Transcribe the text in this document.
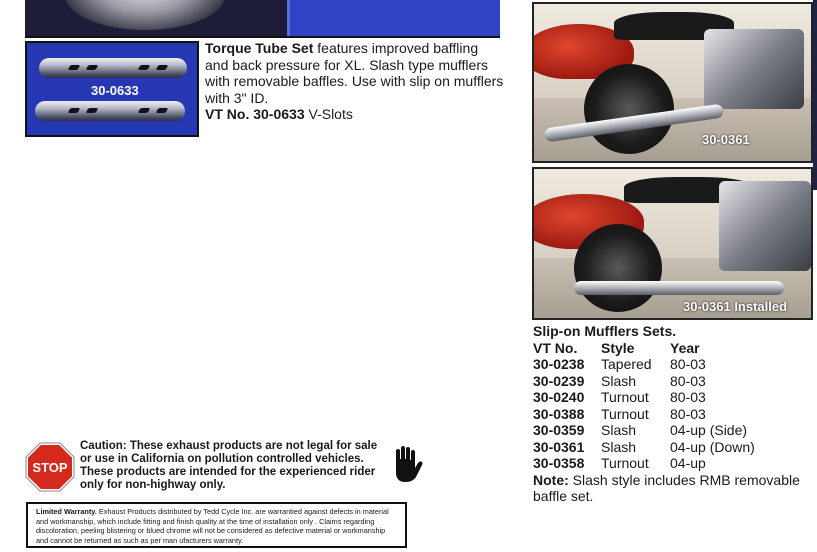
30-0633
Torque Tube Set features improved baffling and back pressure for XL. Slash type mufflers with removable baffles. Use with slip on mufflers with 3" ID.
VT No. 30-0633 V-Slots
30-0361
30-0361 Installed
Slip-on Mufflers Sets.
VT No.	Style	Year
30-0238	Tapered	80-03
30-0239	Slash	80-03
30-0240	Turnout	80-03
30-0388	Turnout	80-03
30-0359	Slash	04-up (Side)
30-0361	Slash	04-up (Down)
30-0358	Turnout	04-up
Note: Slash style includes RMB removable baffle set.
STOP
Caution: These exhaust products are not legal for sale or use in California on pollution controlled vehicles. These products are intended for the experienced rider only for non-highway only.
Limited Warranty. Exhaust Products distributed by Tedd Cycle Inc. are warrantied against defects in material and workmanship, which include fitting and finish quality at the time of installation only . Claims regarding discoloration, peeling blistering or blued chrome will not be considered as defective material or workmanship and cannot be returned as such as per man ufacturers warranty.
